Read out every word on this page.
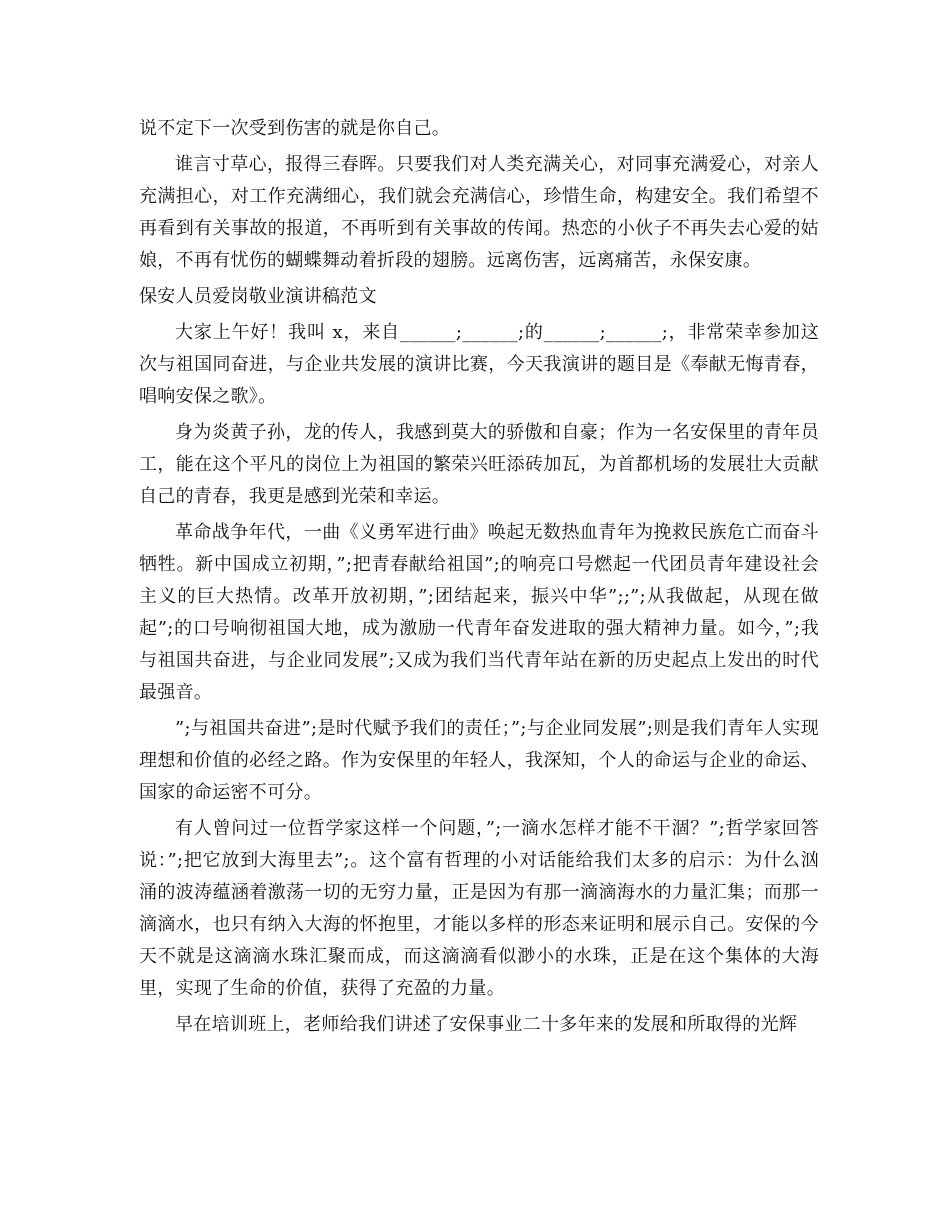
说不定下一次受到伤害的就是你自己。

谁言寸草心，报得三春晖。只要我们对人类充满关心，对同事充满爱心，对亲人充满担心，对工作充满细心，我们就会充满信心，珍惜生命，构建安全。我们希望不再看到有关事故的报道，不再听到有关事故的传闻。热恋的小伙子不再失去心爱的姑娘，不再有忧伤的蝴蝶舞动着折段的翅膀。远离伤害，远离痛苦，永保安康。

保安人员爱岗敬业演讲稿范文

大家上午好！我叫 x，来自______;______;的______;______;，非常荣幸参加这次与祖国同奋进，与企业共发展的演讲比赛，今天我演讲的题目是《奉献无悔青春，唱响安保之歌》。

身为炎黄子孙，龙的传人，我感到莫大的骄傲和自豪；作为一名安保里的青年员工，能在这个平凡的岗位上为祖国的繁荣兴旺添砖加瓦，为首都机场的发展壮大贡献自己的青春，我更是感到光荣和幸运。

革命战争年代，一曲《义勇军进行曲》唤起无数热血青年为挽救民族危亡而奋斗牺牲。新中国成立初期，”;把青春献给祖国”;的响亮口号燃起一代团员青年建设社会主义的巨大热情。改革开放初期，”;团结起来，振兴中华”;;”;从我做起，从现在做起”;的口号响彻祖国大地，成为激励一代青年奋发进取的强大精神力量。如今，”;我与祖国共奋进，与企业同发展”;又成为我们当代青年站在新的历史起点上发出的时代最强音。

”;与祖国共奋进”;是时代赋予我们的责任；”;与企业同发展”;则是我们青年人实现理想和价值的必经之路。作为安保里的年轻人，我深知，个人的命运与企业的命运、国家的命运密不可分。

有人曾问过一位哲学家这样一个问题，”;一滴水怎样才能不干涸？”;哲学家回答说：”;把它放到大海里去”;。这个富有哲理的小对话能给我们太多的启示：为什么汹涌的波涛蕴涵着激荡一切的无穷力量，正是因为有那一滴滴海水的力量汇集；而那一滴滴水，也只有纳入大海的怀抱里，才能以多样的形态来证明和展示自己。安保的今天不就是这滴滴水珠汇聚而成，而这滴滴看似渺小的水珠，正是在这个集体的大海里，实现了生命的价值，获得了充盈的力量。

早在培训班上，老师给我们讲述了安保事业二十多年来的发展和所取得的光辉
